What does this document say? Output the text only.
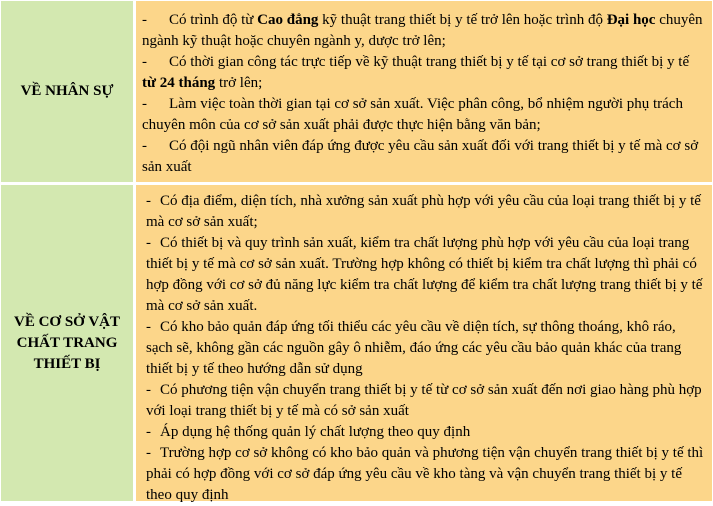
VỀ NHÂN SỰ

- Có trình độ từ Cao đẳng kỹ thuật trang thiết bị y tế trở lên hoặc trình độ Đại học chuyên ngành kỹ thuật hoặc chuyên ngành y, dược trở lên;

- Có thời gian công tác trực tiếp về kỹ thuật trang thiết bị y tế tại cơ sở trang thiết bị y tế từ 24 tháng trở lên;

- Làm việc toàn thời gian tại cơ sở sản xuất. Việc phân công, bổ nhiệm người phụ trách chuyên môn của cơ sở sản xuất phải được thực hiện bằng văn bản;

- Có đội ngũ nhân viên đáp ứng được yêu cầu sản xuất đối với trang thiết bị y tế mà cơ sở sản xuất

VỀ CƠ SỞ VẬT CHẤT TRANG THIẾT BỊ

- Có địa điểm, diện tích, nhà xưởng sản xuất phù hợp với yêu cầu của loại trang thiết bị y tế mà cơ sở sản xuất;

- Có thiết bị và quy trình sản xuất, kiểm tra chất lượng phù hợp với yêu cầu của loại trang thiết bị y tế mà cơ sở sản xuất. Trường hợp không có thiết bị kiểm tra chất lượng thì phải có hợp đồng với cơ sở đủ năng lực kiểm tra chất lượng để kiểm tra chất lượng trang thiết bị y tế mà cơ sở sản xuất.

- Có kho bảo quản đáp ứng tối thiểu các yêu cầu về diện tích, sự thông thoáng, khô ráo, sạch sẽ, không gần các nguồn gây ô nhiễm, đáo ứng các yêu cầu bảo quản khác của trang thiết bị y tế theo hướng dẫn sử dụng

- Có phương tiện vận chuyển trang thiết bị y tế từ cơ sở sản xuất đến nơi giao hàng phù hợp với loại trang thiết bị y tế mà có sở sản xuất

- Áp dụng hệ thống quản lý chất lượng theo quy định

- Trường hợp cơ sở không có kho bảo quản và phương tiện vận chuyển trang thiết bị y tế thì phải có hợp đồng với cơ sở đáp ứng yêu cầu về kho tàng và vận chuyển trang thiết bị y tế theo quy định
